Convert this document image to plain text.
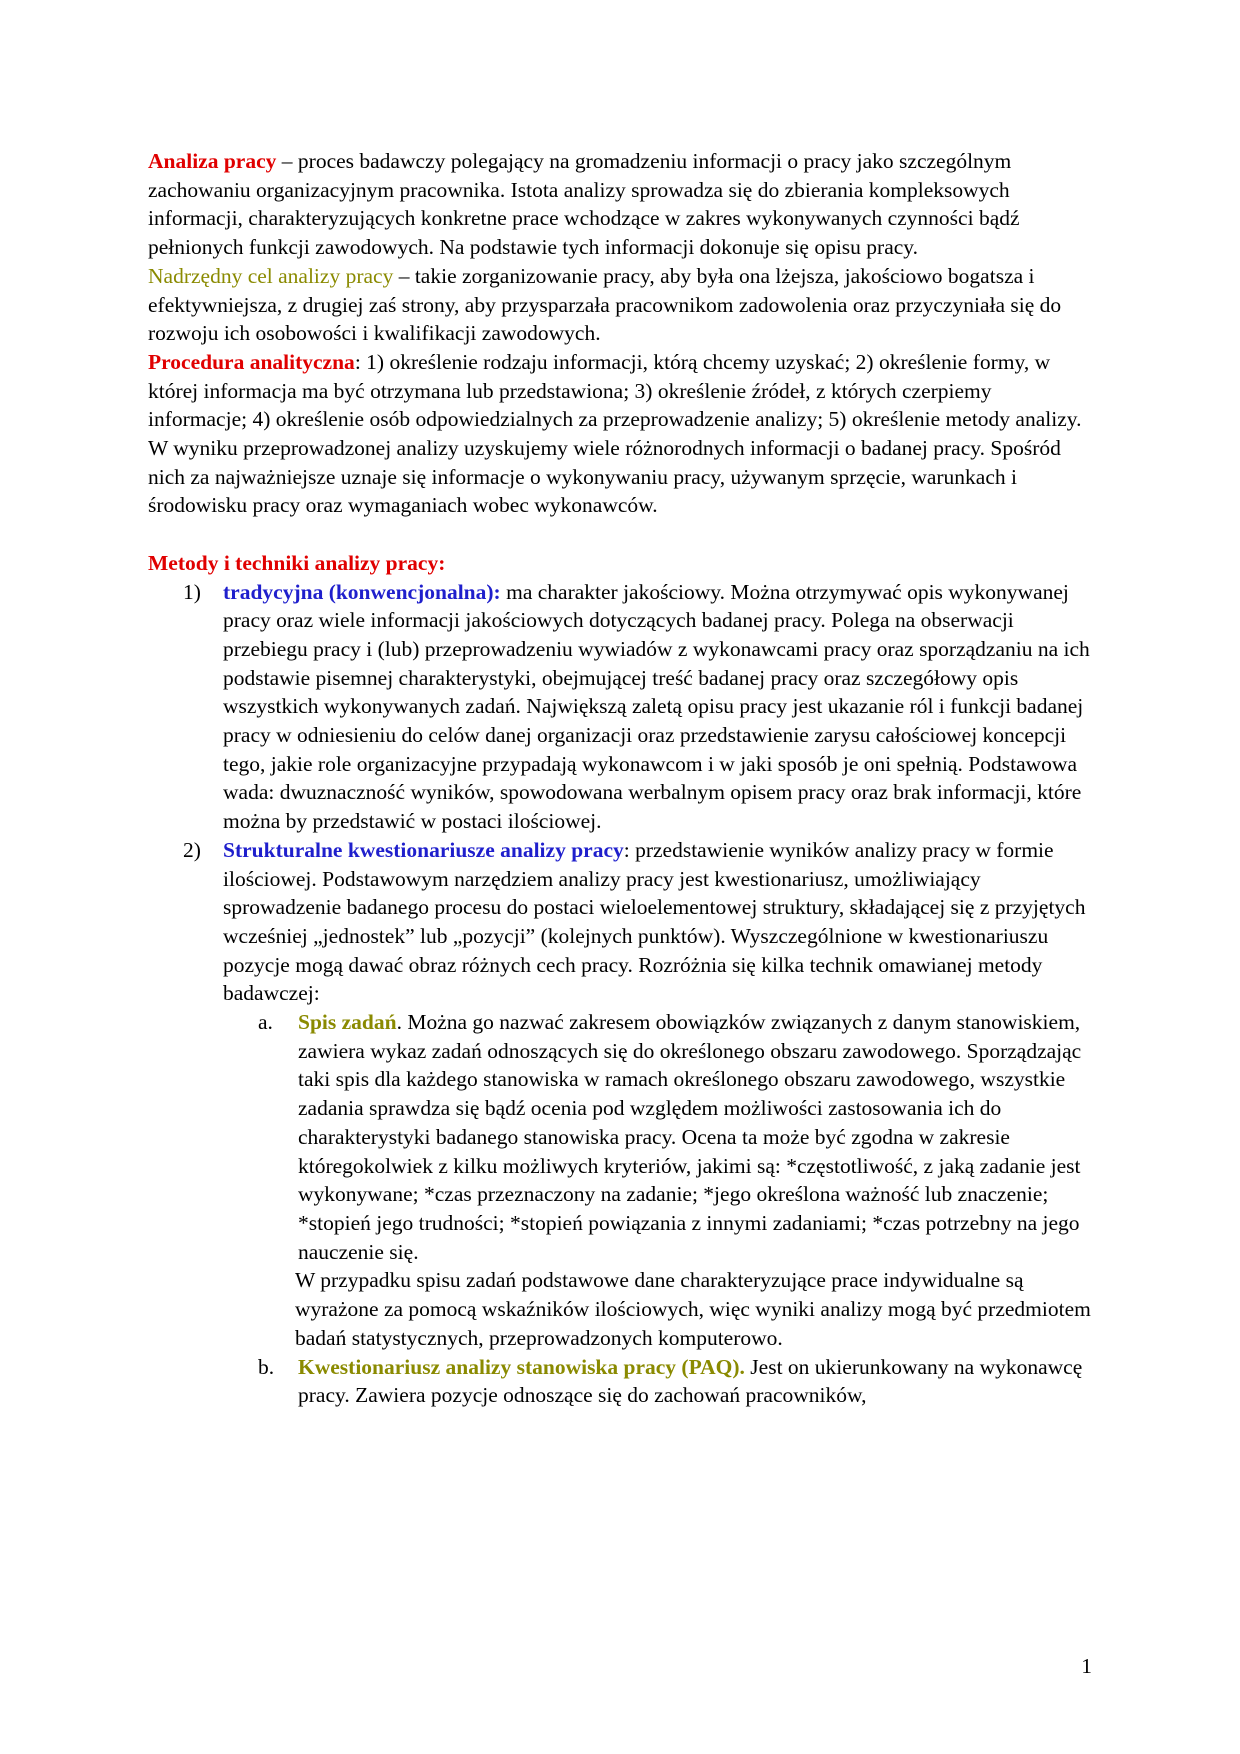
Analiza pracy – proces badawczy polegający na gromadzeniu informacji o pracy jako szczególnym zachowaniu organizacyjnym pracownika. Istota analizy sprowadza się do zbierania kompleksowych informacji, charakteryzujących konkretne prace wchodzące w zakres wykonywanych czynności bądź pełnionych funkcji zawodowych. Na podstawie tych informacji dokonuje się opisu pracy.

Nadrzędny cel analizy pracy – takie zorganizowanie pracy, aby była ona lżejsza, jakościowo bogatsza i efektywniejsza, z drugiej zaś strony, aby przysparzała pracownikom zadowolenia oraz przyczyniała się do rozwoju ich osobowości i kwalifikacji zawodowych.

Procedura analityczna: 1) określenie rodzaju informacji, którą chcemy uzyskać; 2) określenie formy, w której informacja ma być otrzymana lub przedstawiona; 3) określenie źródeł, z których czerpiemy informacje; 4) określenie osób odpowiedzialnych za przeprowadzenie analizy; 5) określenie metody analizy.

W wyniku przeprowadzonej analizy uzyskujemy wiele różnorodnych informacji o badanej pracy. Spośród nich za najważniejsze uznaje się informacje o wykonywaniu pracy, używanym sprzęcie, warunkach i środowisku pracy oraz wymaganiach wobec wykonawców.

Metody i techniki analizy pracy:

1) tradycyjna (konwencjonalna): ma charakter jakościowy. Można otrzymywać opis wykonywanej pracy oraz wiele informacji jakościowych dotyczących badanej pracy. Polega na obserwacji przebiegu pracy i (lub) przeprowadzeniu wywiadów z wykonawcami pracy oraz sporządzaniu na ich podstawie pisemnej charakterystyki, obejmującej treść badanej pracy oraz szczegółowy opis wszystkich wykonywanych zadań. Największą zaletą opisu pracy jest ukazanie ról i funkcji badanej pracy w odniesieniu do celów danej organizacji oraz przedstawienie zarysu całościowej koncepcji tego, jakie role organizacyjne przypadają wykonawcom i w jaki sposób je oni spełnią. Podstawowa wada: dwuznaczność wyników, spowodowana werbalnym opisem pracy oraz brak informacji, które można by przedstawić w postaci ilościowej.
2) Strukturalne kwestionariusze analizy pracy: przedstawienie wyników analizy pracy w formie ilościowej. Podstawowym narzędziem analizy pracy jest kwestionariusz, umożliwiający sprowadzenie badanego procesu do postaci wieloelementowej struktury, składającej się z przyjętych wcześniej „jednostek” lub „pozycji” (kolejnych punktów). Wyszczególnione w kwestionariuszu pozycje mogą dawać obraz różnych cech pracy. Rozróżnia się kilka technik omawianej metody badawczej:
a. Spis zadań. Można go nazwać zakresem obowiązków związanych z danym stanowiskiem, zawiera wykaz zadań odnoszących się do określonego obszaru zawodowego. Sporządzając taki spis dla każdego stanowiska w ramach określonego obszaru zawodowego, wszystkie zadania sprawdza się bądź ocenia pod względem możliwości zastosowania ich do charakterystyki badanego stanowiska pracy. Ocena ta może być zgodna w zakresie któregokolwiek z kilku możliwych kryteriów, jakimi są: *częstotliwość, z jaką zadanie jest wykonywane; *czas przeznaczony na zadanie; *jego określona ważność lub znaczenie; *stopień jego trudności; *stopień powiązania z innymi zadaniami; *czas potrzebny na jego nauczenie się.

W przypadku spisu zadań podstawowe dane charakteryzujące prace indywidualne są wyrażone za pomocą wskaźników ilościowych, więc wyniki analizy mogą być przedmiotem badań statystycznych, przeprowadzonych komputerowo.

b. Kwestionariusz analizy stanowiska pracy (PAQ). Jest on ukierunkowany na wykonawcę pracy. Zawiera pozycje odnoszące się do zachowań pracowników,
1
